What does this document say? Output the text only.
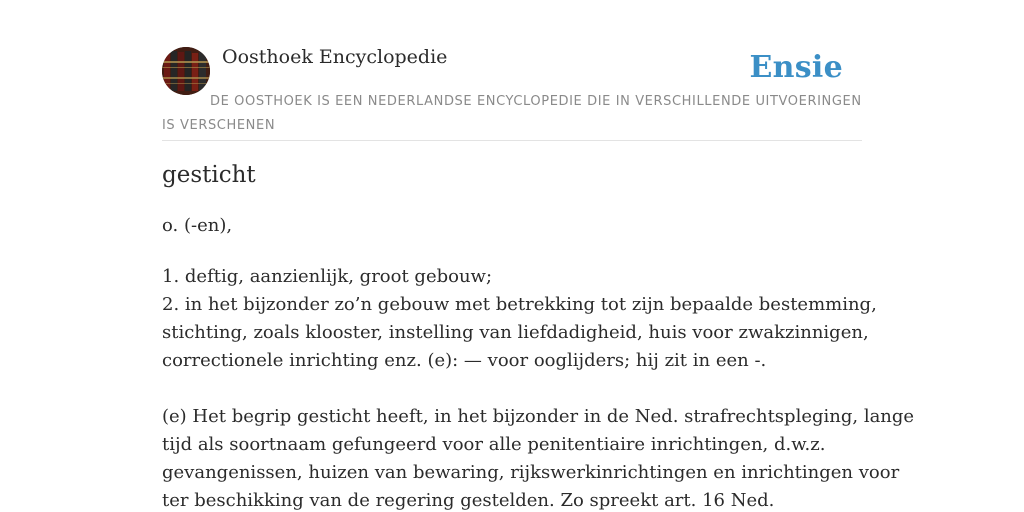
Oosthoek Encyclopedie	Ensie
DE OOSTHOEK IS EEN NEDERLANDSE ENCYCLOPEDIE DIE IN VERSCHILLENDE UITVOERINGEN IS VERSCHENEN
gesticht
o. (-en),
1. deftig, aanzienlijk, groot gebouw;
2. in het bijzonder zo’n gebouw met betrekking tot zijn bepaalde bestemming,
stichting, zoals klooster, instelling van liefdadigheid, huis voor zwakzinnigen,
correctionele inrichting enz. (e): — voor ooglijders; hij zit in een -.
(e) Het begrip gesticht heeft, in het bijzonder in de Ned. strafrechtspleging, lange
tijd als soortnaam gefungeerd voor alle penitentiaire inrichtingen, d.w.z.
gevangenissen, huizen van bewaring, rijkswerkinrichtingen en inrichtingen voor
ter beschikking van de regering gestelden. Zo spreekt art. 16 Ned.
